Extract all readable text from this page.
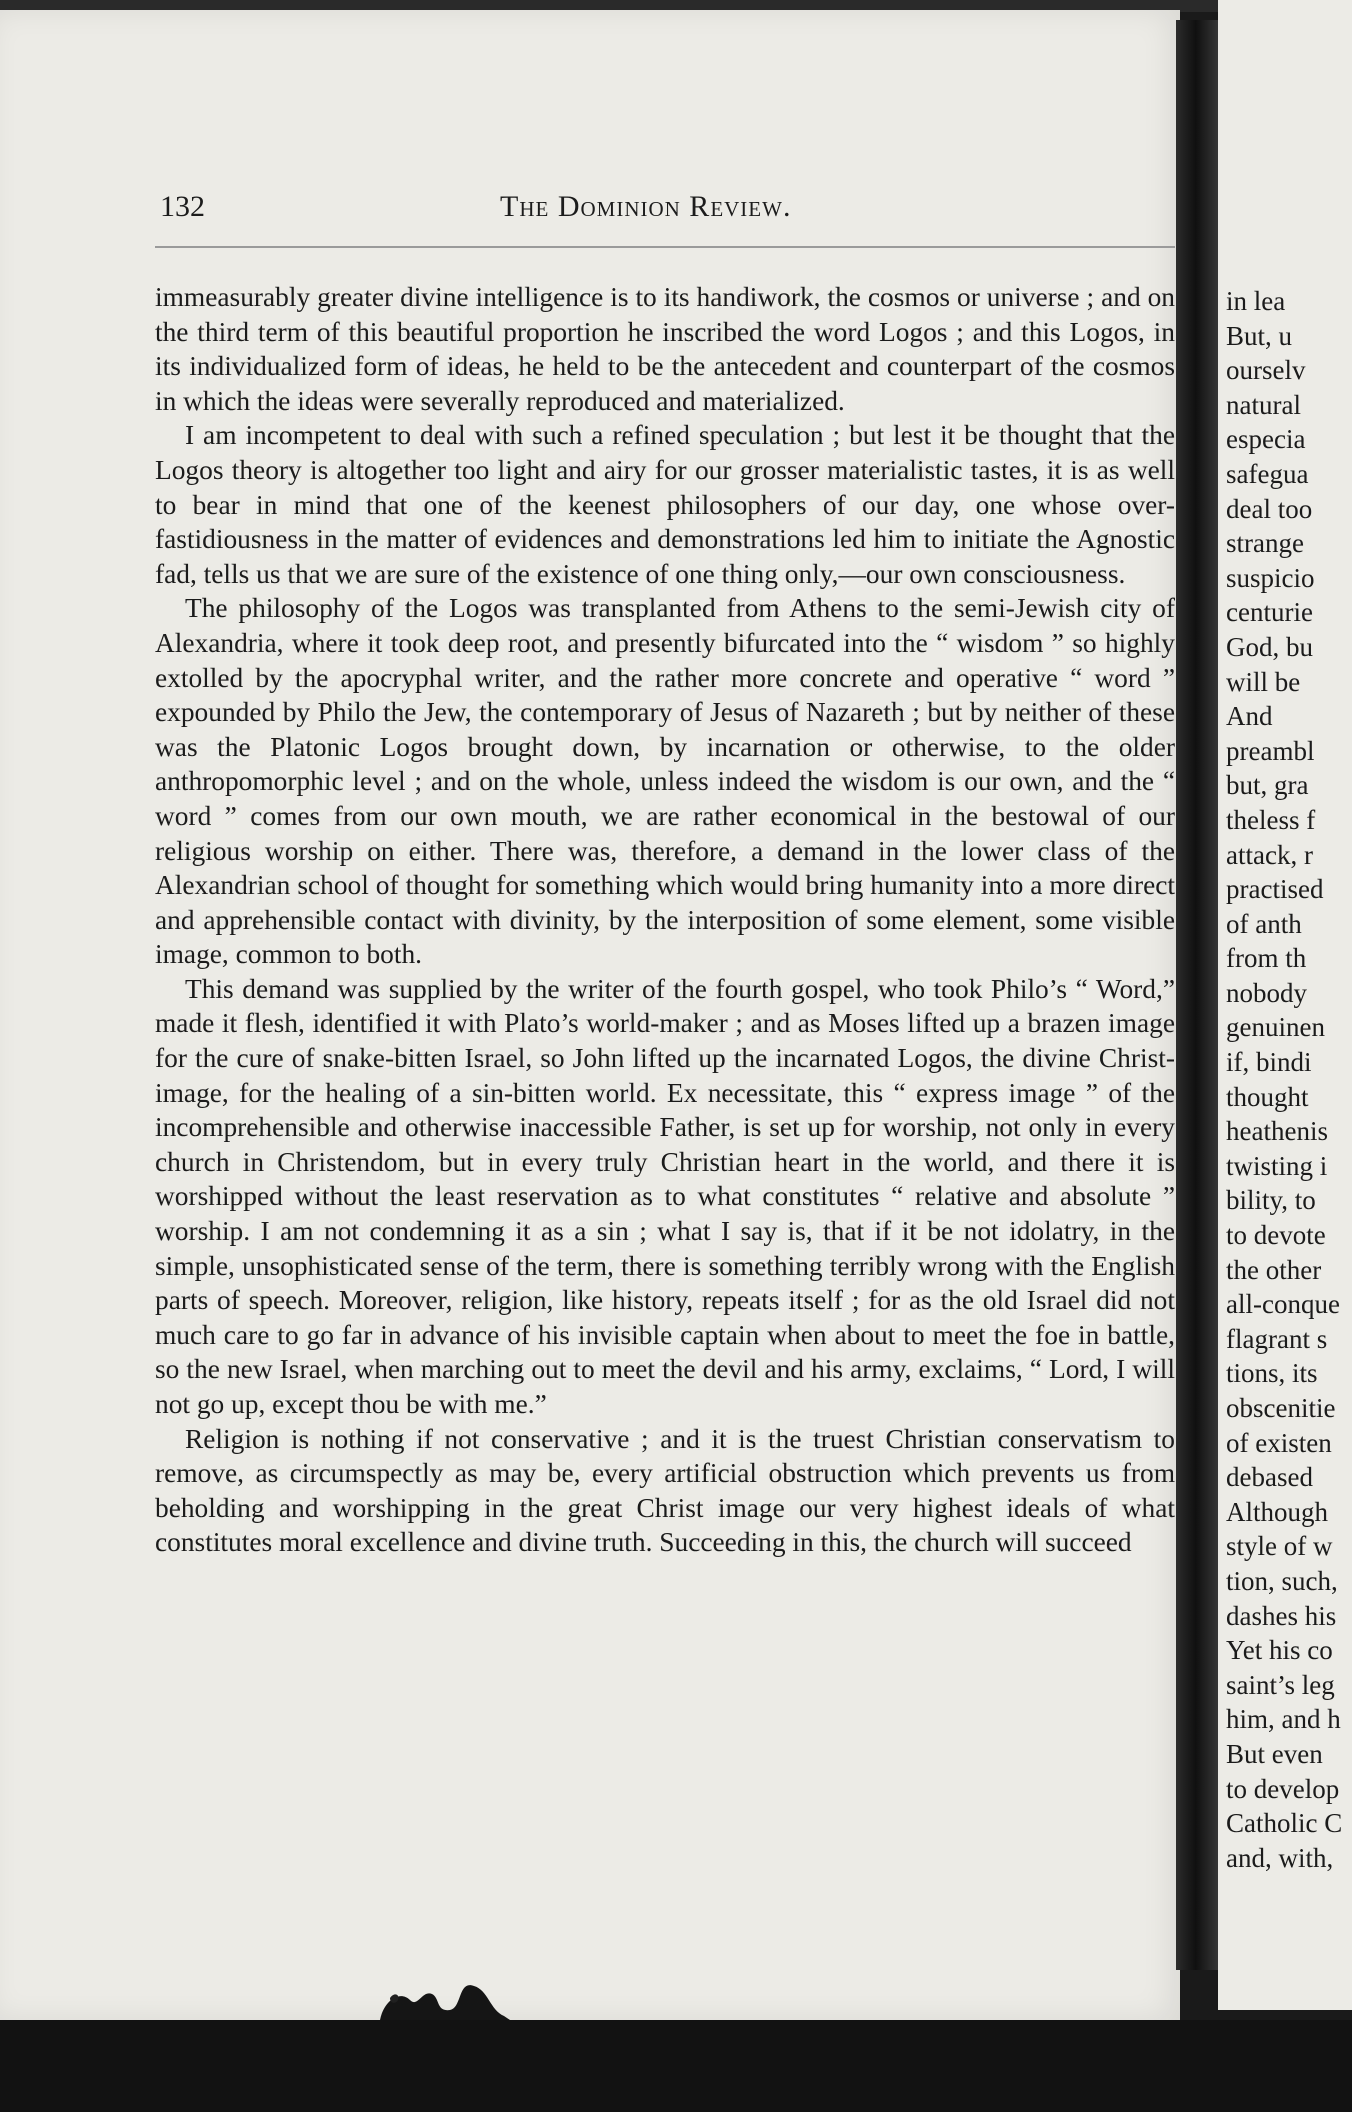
132	The Dominion Review.

immeasurably greater divine intelligence is to its handiwork, the cosmos or universe ; and on the third term of this beautiful proportion he inscribed the word Logos ; and this Logos, in its individualized form of ideas, he held to be the antecedent and counterpart of the cosmos in which the ideas were severally reproduced and materialized.

I am incompetent to deal with such a refined speculation ; but lest it be thought that the Logos theory is altogether too light and airy for our grosser materialistic tastes, it is as well to bear in mind that one of the keenest philosophers of our day, one whose over-fastidiousness in the matter of evidences and demonstrations led him to initiate the Agnostic fad, tells us that we are sure of the existence of one thing only,—our own consciousness.

The philosophy of the Logos was transplanted from Athens to the semi-Jewish city of Alexandria, where it took deep root, and presently bifurcated into the “ wisdom ” so highly extolled by the apocryphal writer, and the rather more concrete and operative “ word ” expounded by Philo the Jew, the contemporary of Jesus of Nazareth ; but by neither of these was the Platonic Logos brought down, by incarnation or otherwise, to the older anthropomorphic level ; and on the whole, unless indeed the wisdom is our own, and the “ word ” comes from our own mouth, we are rather economical in the bestowal of our religious worship on either. There was, therefore, a demand in the lower class of the Alexandrian school of thought for something which would bring humanity into a more direct and apprehensible contact with divinity, by the interposition of some element, some visible image, common to both.

This demand was supplied by the writer of the fourth gospel, who took Philo’s “ Word,” made it flesh, identified it with Plato’s world-maker ; and as Moses lifted up a brazen image for the cure of snake-bitten Israel, so John lifted up the incarnated Logos, the divine Christ-image, for the healing of a sin-bitten world. Ex necessitate, this “ express image ” of the incomprehensible and otherwise inaccessible Father, is set up for worship, not only in every church in Christendom, but in every truly Christian heart in the world, and there it is worshipped without the least reservation as to what constitutes “ relative and absolute ” worship. I am not condemning it as a sin ; what I say is, that if it be not idolatry, in the simple, unsophisticated sense of the term, there is something terribly wrong with the English parts of speech. Moreover, religion, like history, repeats itself ; for as the old Israel did not much care to go far in advance of his invisible captain when about to meet the foe in battle, so the new Israel, when marching out to meet the devil and his army, exclaims, “ Lord, I will not go up, except thou be with me.”

Religion is nothing if not conservative ; and it is the truest Christian conservatism to remove, as circumspectly as may be, every artificial obstruction which prevents us from beholding and worshipping in the great Christ image our very highest ideals of what constitutes moral excellence and divine truth. Succeeding in this, the church will succeed

in lea
But, u
ourselv
natural
especia
safegua
deal too
strange
suspicio
centurie
God, bu
will be
And
preambl
but, gra
theless f
attack, r
practised
of anth
from th
nobody
genuinen
if, bindi
thought
heathenis
twisting i
bility, to
to devote
the other
all-conque
flagrant s
tions, its
obscenitie
of existen
debased
Although
style of w
tion, such,
dashes his
Yet his co
saint’s leg
him, and h
But even
to develop
Catholic C
and, with,
